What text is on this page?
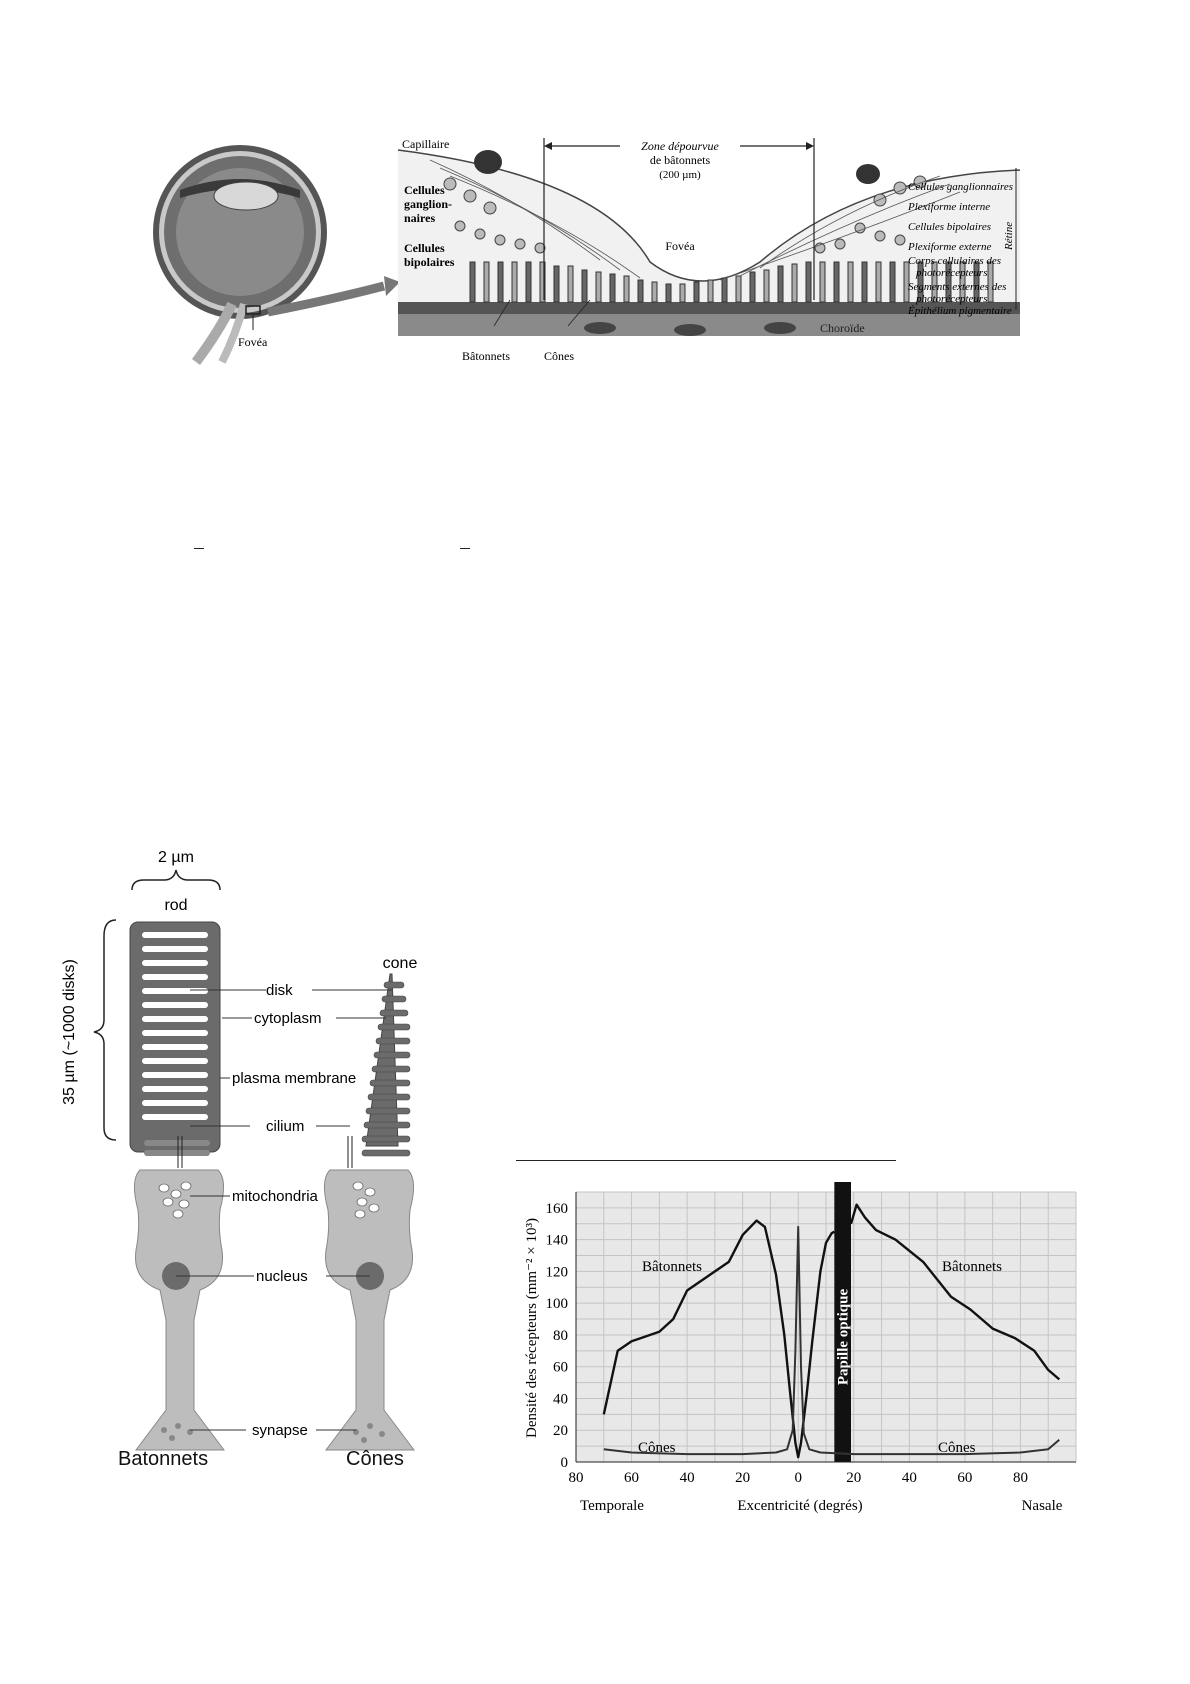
Fovéa
Zone dépourvue
de bâtonnets
(200 µm)
Fovéa
Capillaire
Cellules
ganglion-
naires
Cellules
bipolaires
Bâtonnets	Cônes
Cellules ganglionnaires
Plexiforme interne
Cellules bipolaires
Plexiforme externe
Corps cellulaires des
photorécepteurs
Segments externes des
photorécepteurs
Épithélium pigmentaire
Rétine
Choroïde
2 µm
rod
35 µm (~1000 disks)	cone
disk
cytoplasm
plasma membrane
cilium
mitochondria
nucleus
synapse
Batonnets	Cônes
Papille optique
80	60	40	20	0	20	40	60	80
0
20
40
60
80
100
120
140
160
Bâtonnets	Bâtonnets
Cônes	Cônes
Densité des récepteurs (mm⁻² × 10³)
Excentricité (degrés)
Temporale	Nasale
